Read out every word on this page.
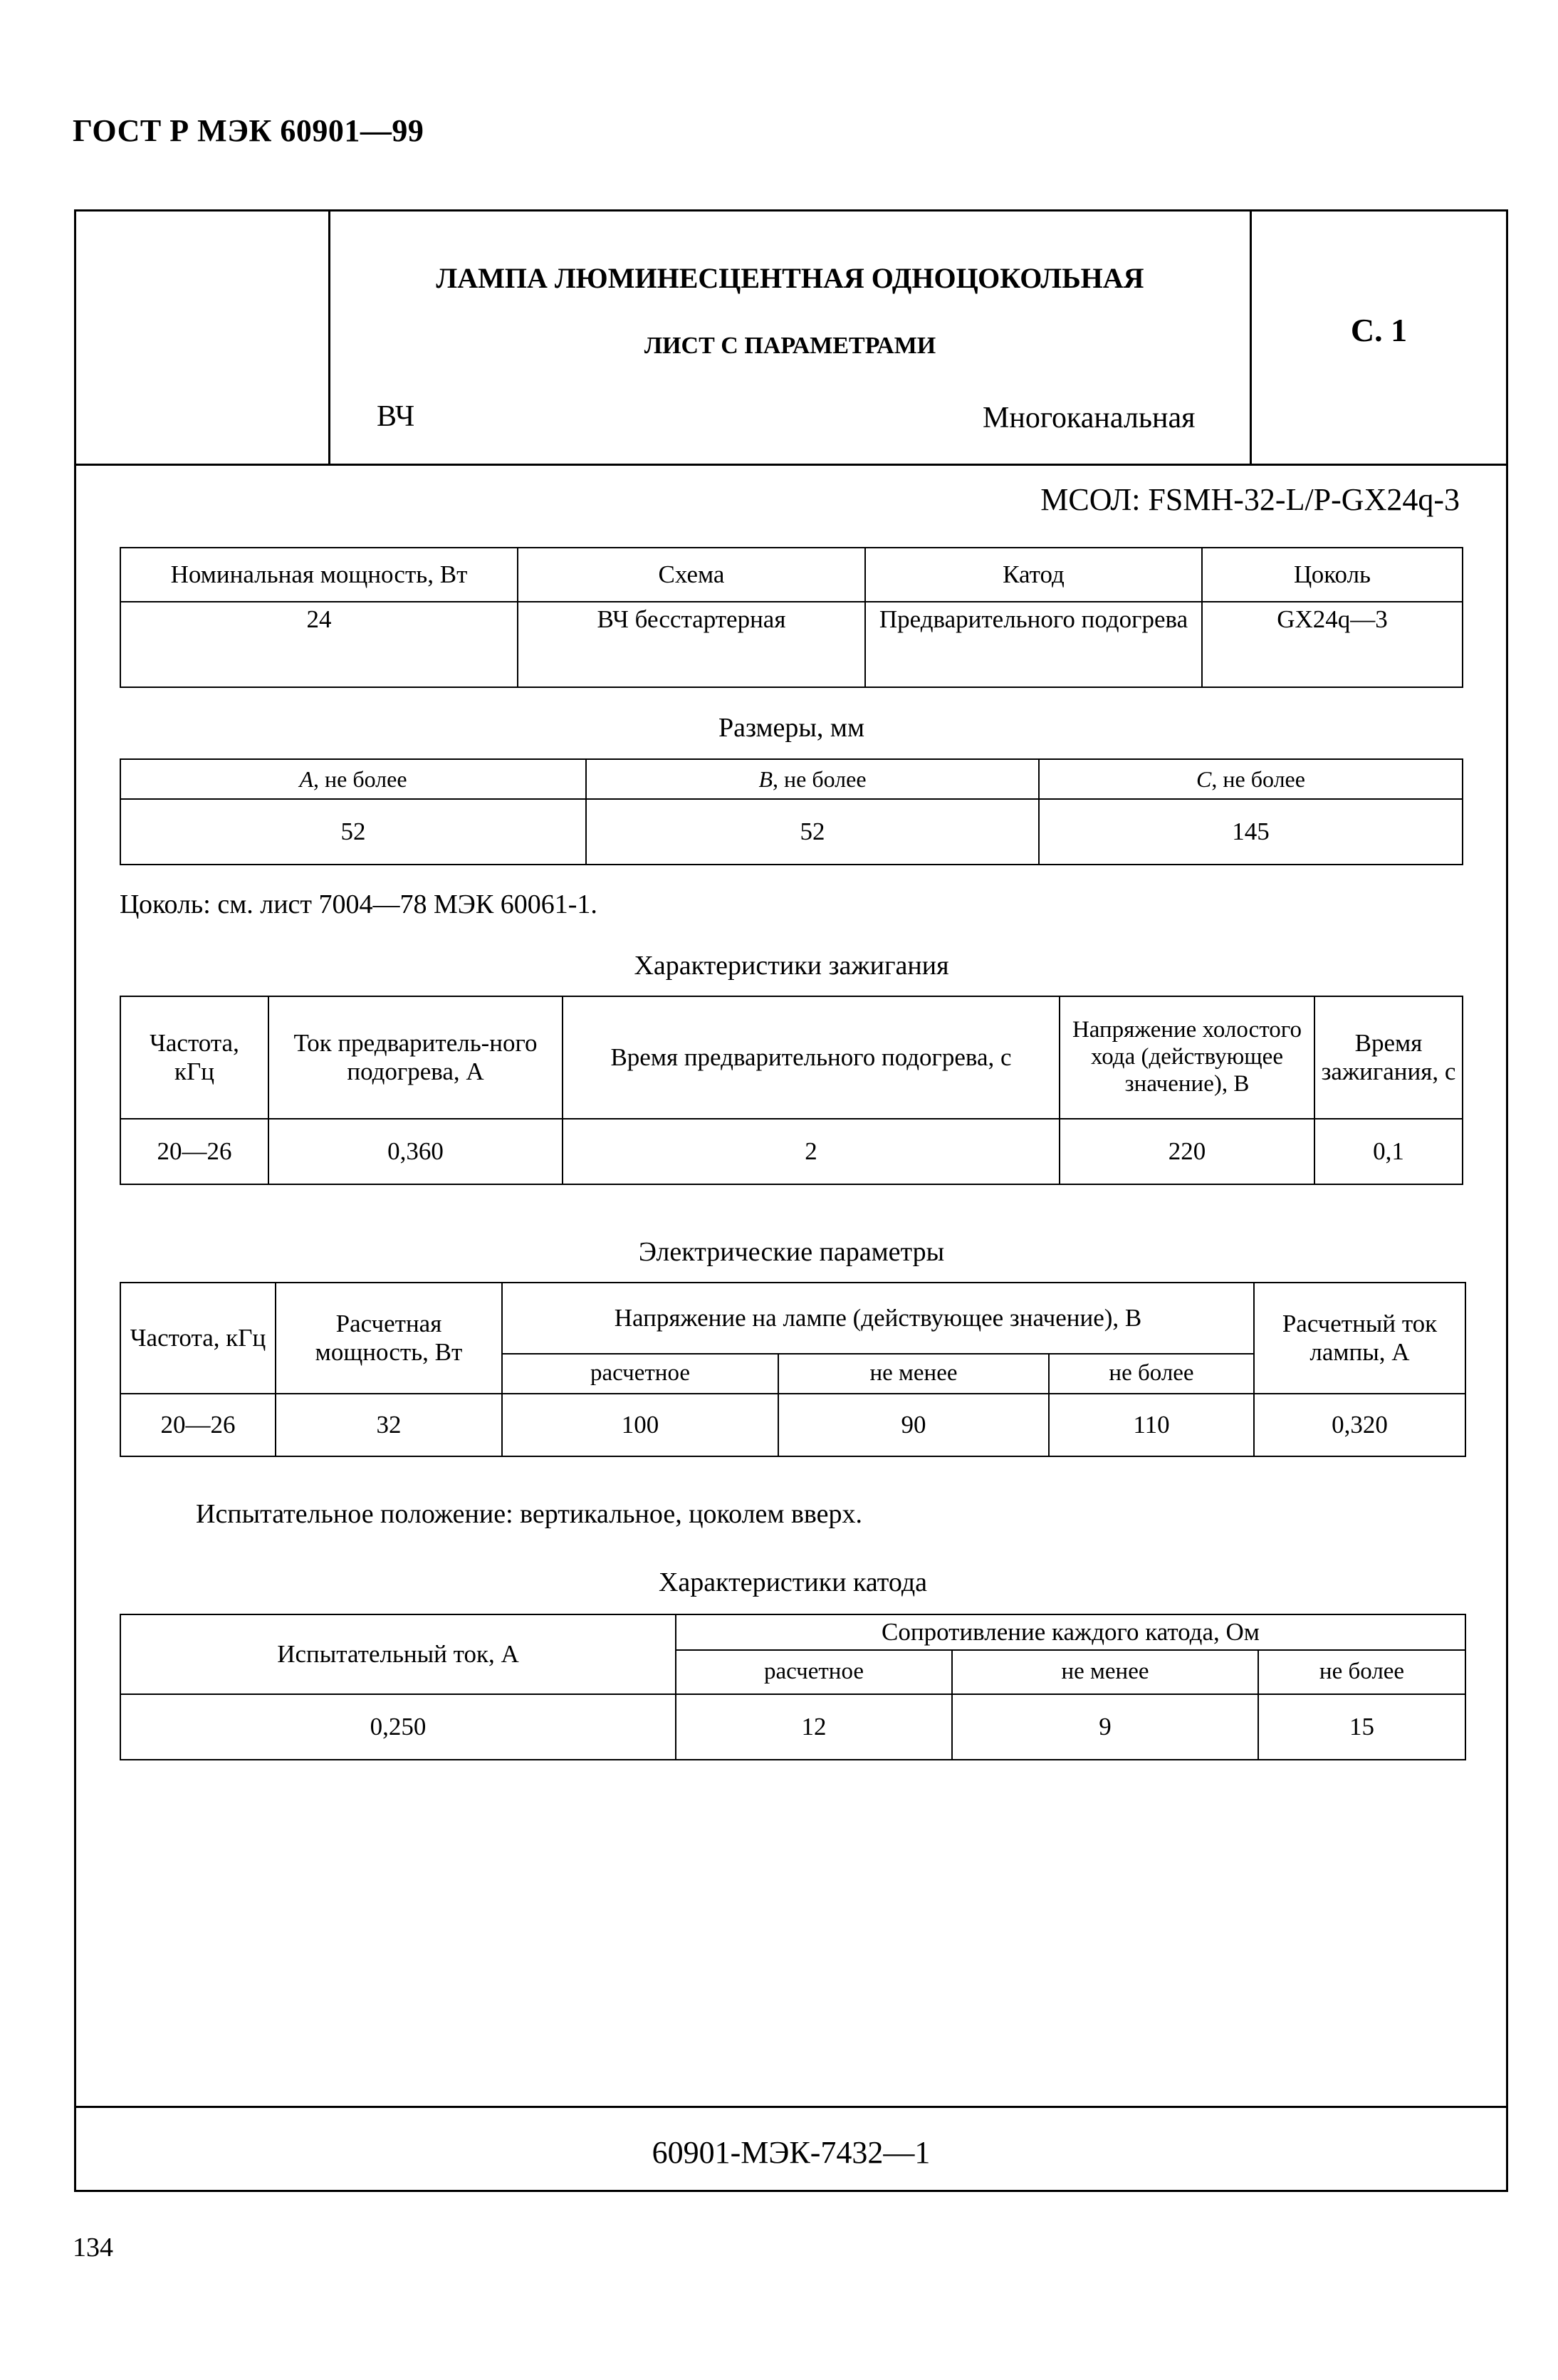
ГОСТ Р МЭК 60901—99
ЛАМПА ЛЮМИНЕСЦЕНТНАЯ ОДНОЦОКОЛЬНАЯ
ЛИСТ С ПАРАМЕТРАМИ
ВЧ	Многоканальная
С. 1
60901-МЭК-7432—1
МСОЛ: FSMH-32-L/P-GX24q-3
Номинальная мощность, Вт	Схема	Катод	Цоколь
24	ВЧ бесстартерная	Предварительного подогрева	GX24q—3
Размеры, мм
A, не более	B, не более	C, не более
52	52	145
Цоколь: см. лист 7004—78 МЭК 60061-1.
Характеристики зажигания
Частота, кГц	Ток предваритель-ного подогрева, А	Время предварительного подогрева, с	Напряжение холостого хода (действующее значение), В	Время зажигания, с
20—26	0,360	2	220	0,1
Электрические параметры
Частота, кГц	Расчетная мощность, Вт	Напряжение на лампе (действующее значение), В			Расчетный ток лампы, А
		расчетное	не менее	не более	
20—26	32	100	90	110	0,320
Испытательное положение: вертикальное, цоколем вверх.
Характеристики катода
Испытательный ток, А	Сопротивление каждого катода, Ом		
	расчетное	не менее	не более
0,250	12	9	15
134
